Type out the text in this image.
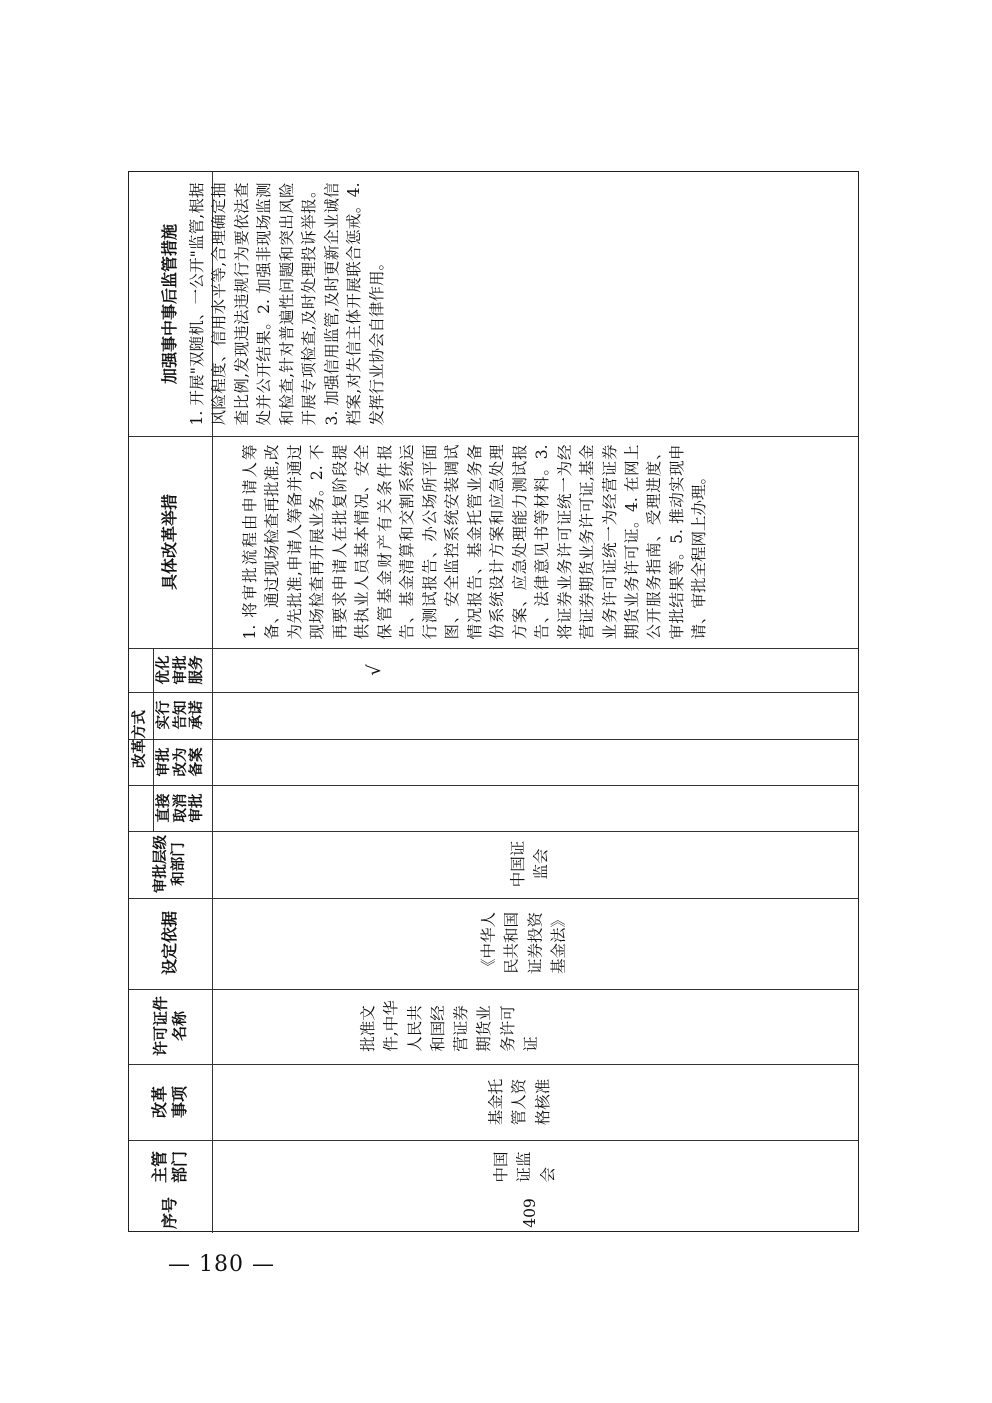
加强事中事后监管措施
具体改革举措
优化
审批
服务
实行
告知
承诺
审批
改为
备案
直接
取消
审批
改革方式
审批层级
和部门
设定依据
许可证件
名称
改革
事项
主管
部门
序号
1. 开展"双随机、一公开"监管,根据风险程度、信用水平等,合理确定抽查比例,发现违法违规行为要依法查处并公开结果。2. 加强非现场监测和检查,针对普遍性问题和突出风险开展专项检查,及时处理投诉举报。3. 加强信用监管,及时更新企业诚信档案,对失信主体开展联合惩戒。4. 发挥行业协会自律作用。
1. 将审批流程由申请人筹备、通过现场检查再批准,改为先批准,申请人筹备并通过现场检查再开展业务。2. 不再要求申请人在批复阶段提供执业人员基本情况、安全保管基金财产有关条件报告、基金清算和交割系统运行测试报告、办公场所平面图、安全监控系统安装调试情况报告、基金托管业务备份系统设计方案和应急处理方案、应急处理能力测试报告、法律意见书等材料。3. 将证券业务许可证统一为经营证券期货业务许可证,基金业务许可证统一为经营证券期货业务许可证。4. 在网上公开服务指南、受理进度、审批结果等。5. 推动实现申请、审批全程网上办理。
√
中国证
监会
《中华人
民共和国
证券投资
基金法》
批准文
件,中华
人民共
和国经
营证券
期货业
务许可
证
基金托
管人资
格核准
中国
证监
会
409
— 180 —
